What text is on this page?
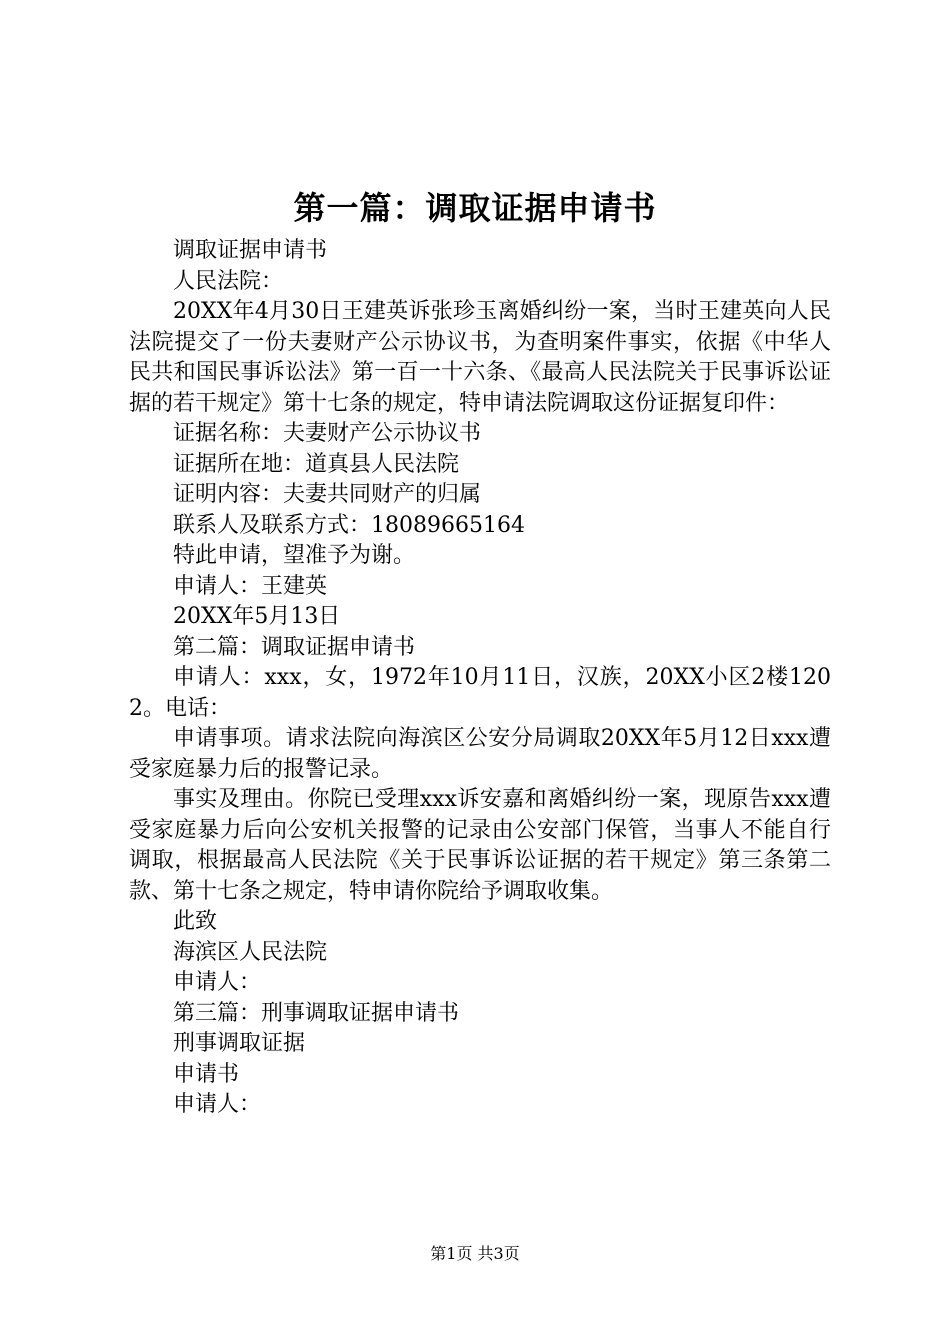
第一篇：调取证据申请书

调取证据申请书

人民法院：

20XX年4月30日王建英诉张珍玉离婚纠纷一案，当时王建英向人民法院提交了一份夫妻财产公示协议书，为查明案件事实，依据《中华人民共和国民事诉讼法》第一百一十六条、《最高人民法院关于民事诉讼证据的若干规定》第十七条的规定，特申请法院调取这份证据复印件：

证据名称：夫妻财产公示协议书

证据所在地：道真县人民法院

证明内容：夫妻共同财产的归属

联系人及联系方式：18089665164

特此申请，望准予为谢。

申请人：王建英

20XX年5月13日

第二篇：调取证据申请书

申请人：xxx，女，1972年10月11日，汉族，20XX小区2楼1202。电话：

申请事项。请求法院向海滨区公安分局调取20XX年5月12日xxx遭受家庭暴力后的报警记录。

事实及理由。你院已受理xxx诉安嘉和离婚纠纷一案，现原告xxx遭受家庭暴力后向公安机关报警的记录由公安部门保管，当事人不能自行调取，根据最高人民法院《关于民事诉讼证据的若干规定》第三条第二款、第十七条之规定，特申请你院给予调取收集。

此致

海滨区人民法院

申请人：

第三篇：刑事调取证据申请书

刑事调取证据

申请书

申请人：

第1页 共3页
